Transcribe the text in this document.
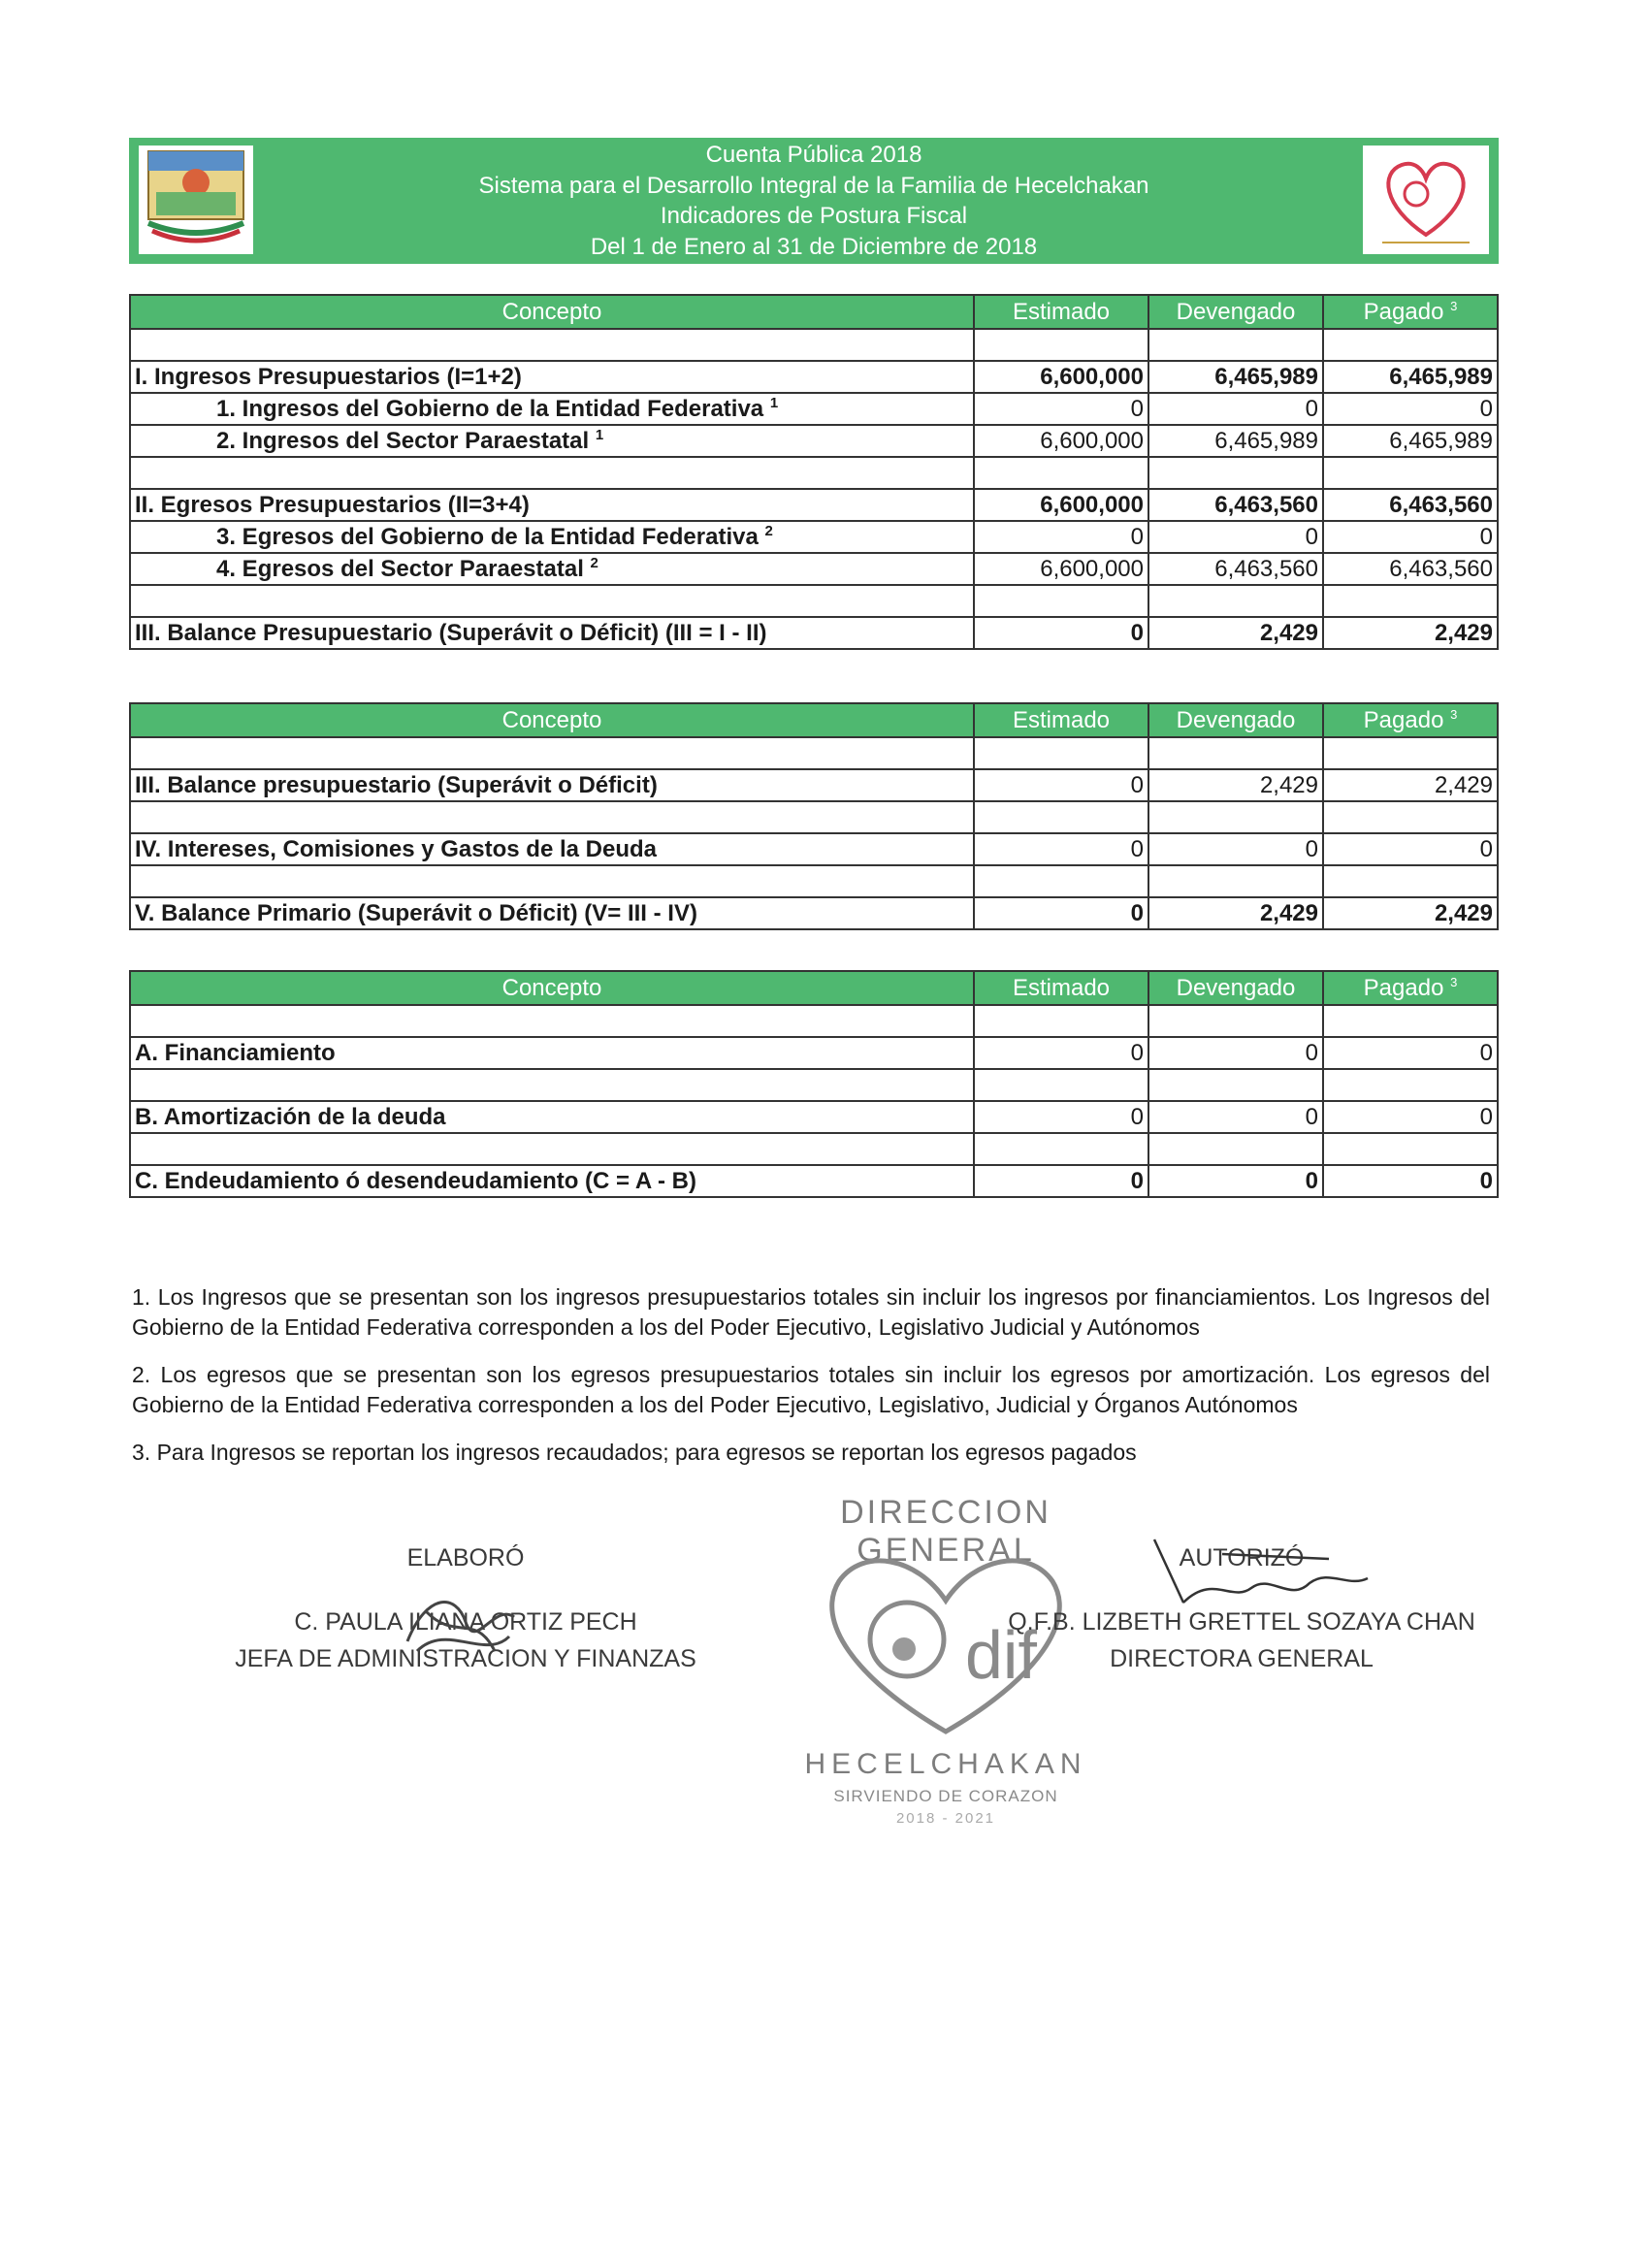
Cuenta Pública 2018
Sistema para el Desarrollo Integral de la Familia de Hecelchakan
Indicadores de Postura Fiscal
Del 1 de Enero al 31 de Diciembre de 2018
Concepto	Estimado	Devengado	Pagado $^3$

I. Ingresos Presupuestarios (I=1+2)	6,600,000	6,465,989	6,465,989
1. Ingresos del Gobierno de la Entidad Federativa $^1$	0	0	0
2. Ingresos del Sector Paraestatal $^1$	6,600,000	6,465,989	6,465,989

II. Egresos Presupuestarios (II=3+4)	6,600,000	6,463,560	6,463,560
3. Egresos del Gobierno de la Entidad Federativa $^2$	0	0	0
4. Egresos del Sector Paraestatal $^2$	6,600,000	6,463,560	6,463,560

III. Balance Presupuestario (Superávit o Déficit) (III = I - II)	0	2,429	2,429
Concepto	Estimado	Devengado	Pagado $^3$

III. Balance presupuestario (Superávit o Déficit)	0	2,429	2,429

IV. Intereses, Comisiones y Gastos de la Deuda	0	0	0

V. Balance Primario (Superávit o Déficit) (V= III - IV)	0	2,429	2,429
Concepto	Estimado	Devengado	Pagado $^3$

A. Financiamiento	0	0	0

B. Amortización de la deuda	0	0	0

C. Endeudamiento ó desendeudamiento (C = A - B)	0	0	0

1. Los Ingresos que se presentan son los ingresos presupuestarios totales sin incluir los ingresos por financiamientos. Los Ingresos del Gobierno de la Entidad Federativa corresponden a los del Poder Ejecutivo, Legislativo Judicial y Autónomos

2. Los egresos que se presentan son los egresos presupuestarios totales sin incluir los egresos por amortización. Los egresos del Gobierno de la Entidad Federativa corresponden a los del Poder Ejecutivo, Legislativo, Judicial y Órganos Autónomos

3. Para Ingresos se reportan los ingresos recaudados; para egresos se reportan los egresos pagados

ELABORÓ
C. PAULA ILIANA ORTIZ PECH
JEFA DE ADMINISTRACION Y FINANZAS
DIRECCION GENERAL
dif
HECELCHAKAN
SIRVIENDO DE CORAZON
2018 - 2021
AUTORIZÓ
Q.F.B. LIZBETH GRETTEL SOZAYA CHAN
DIRECTORA GENERAL
